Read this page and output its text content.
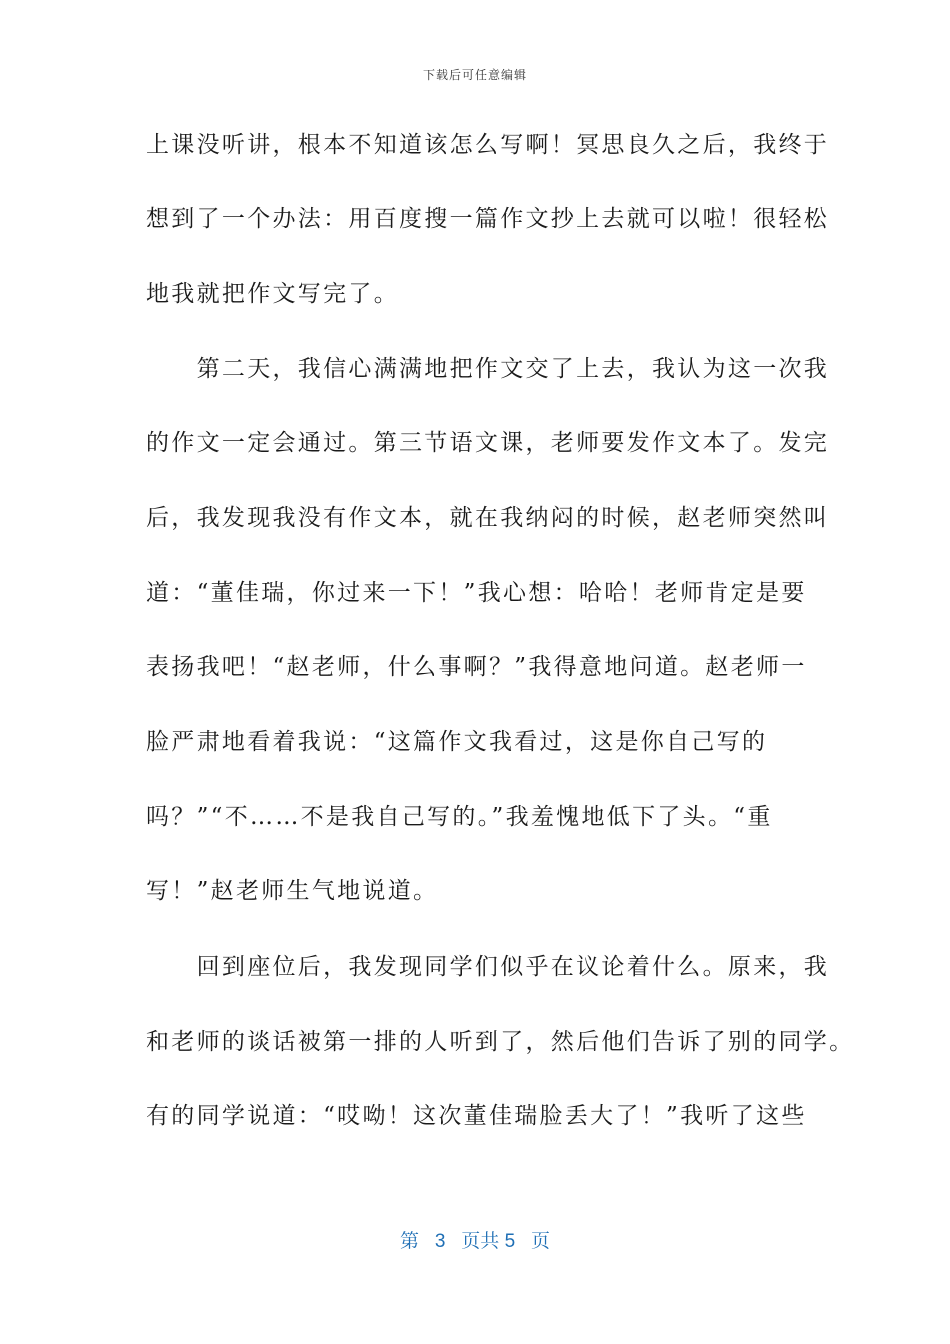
下载后可任意编辑
上课没听讲，根本不知道该怎么写啊！冥思良久之后，我终于
想到了一个办法：用百度搜一篇作文抄上去就可以啦！很轻松
地我就把作文写完了。
　　第二天，我信心满满地把作文交了上去，我认为这一次我
的作文一定会通过。第三节语文课，老师要发作文本了。发完
后，我发现我没有作文本，就在我纳闷的时候，赵老师突然叫
道：“董佳瑞，你过来一下！”我心想：哈哈！老师肯定是要
表扬我吧！“赵老师，什么事啊？”我得意地问道。赵老师一
脸严肃地看着我说：“这篇作文我看过，这是你自己写的
吗？”“不……不是我自己写的。”我羞愧地低下了头。“重
写！”赵老师生气地说道。
　　回到座位后，我发现同学们似乎在议论着什么。原来，我
和老师的谈话被第一排的人听到了，然后他们告诉了别的同学。
有的同学说道：“哎呦！这次董佳瑞脸丢大了！”我听了这些
第 3 页共 5 页
